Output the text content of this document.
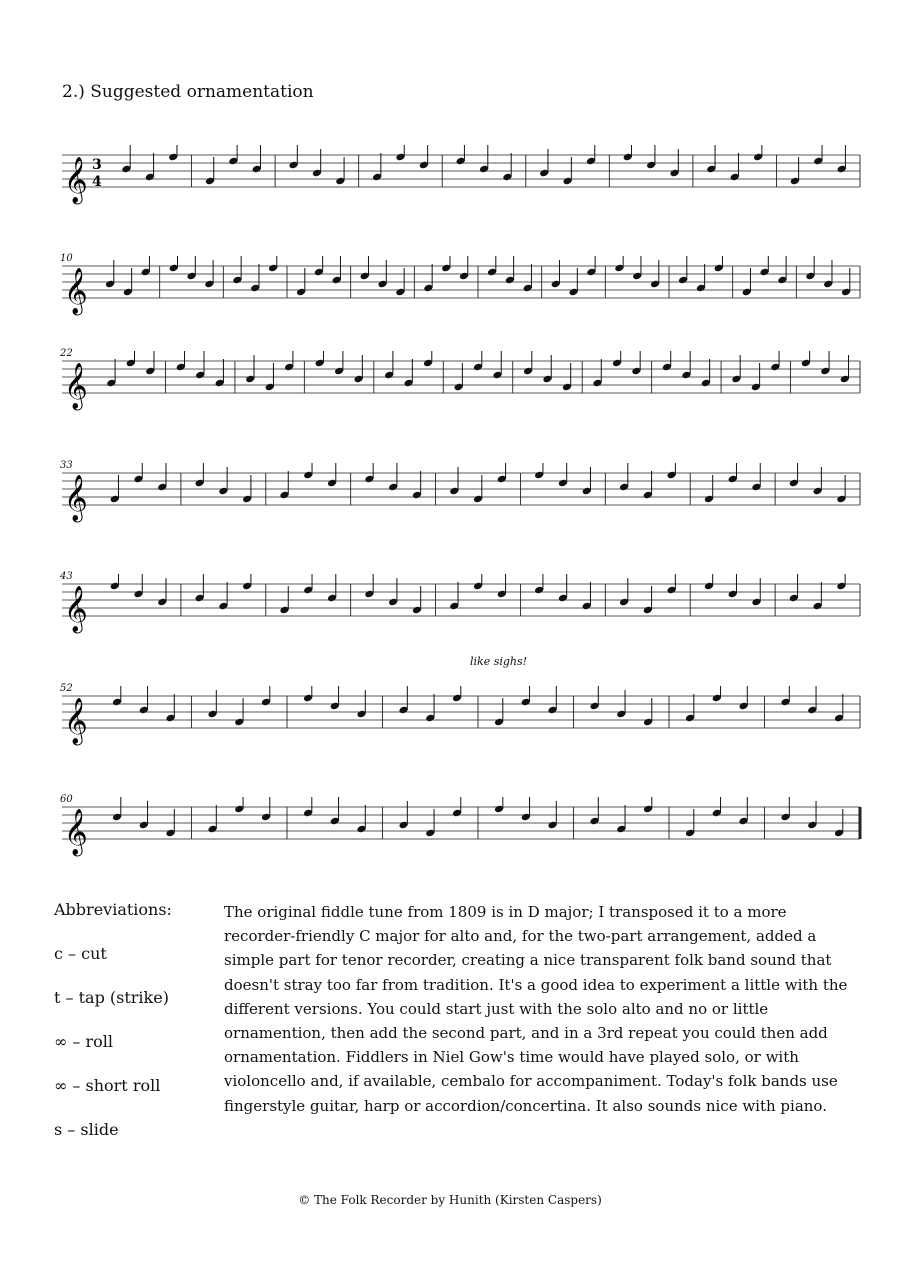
2.) Suggested ornamentation
𝄞 3
4
10
𝄞
22
𝄞
33
𝄞
43
𝄞
52
𝄞
60
𝄞
like sighs!
Abbreviations:
c – cut
t – tap (strike)
∞ – roll
∞ – short roll
s – slide
The original fiddle tune from 1809 is in D major; I transposed it to a more
recorder-friendly C major for alto and, for the two-part arrangement, added a
simple part for tenor recorder, creating a nice transparent folk band sound that
doesn't stray too far from tradition. It's a good idea to experiment a little with the
different versions. You could start just with the solo alto and no or little
ornamention, then add the second part, and in a 3rd repeat you could then add
ornamentation. Fiddlers in Niel Gow's time would have played solo, or with
violoncello and, if available, cembalo for accompaniment. Today's folk bands use
fingerstyle guitar, harp or accordion/concertina. It also sounds nice with piano.
© The Folk Recorder by Hunith (Kirsten Caspers)
